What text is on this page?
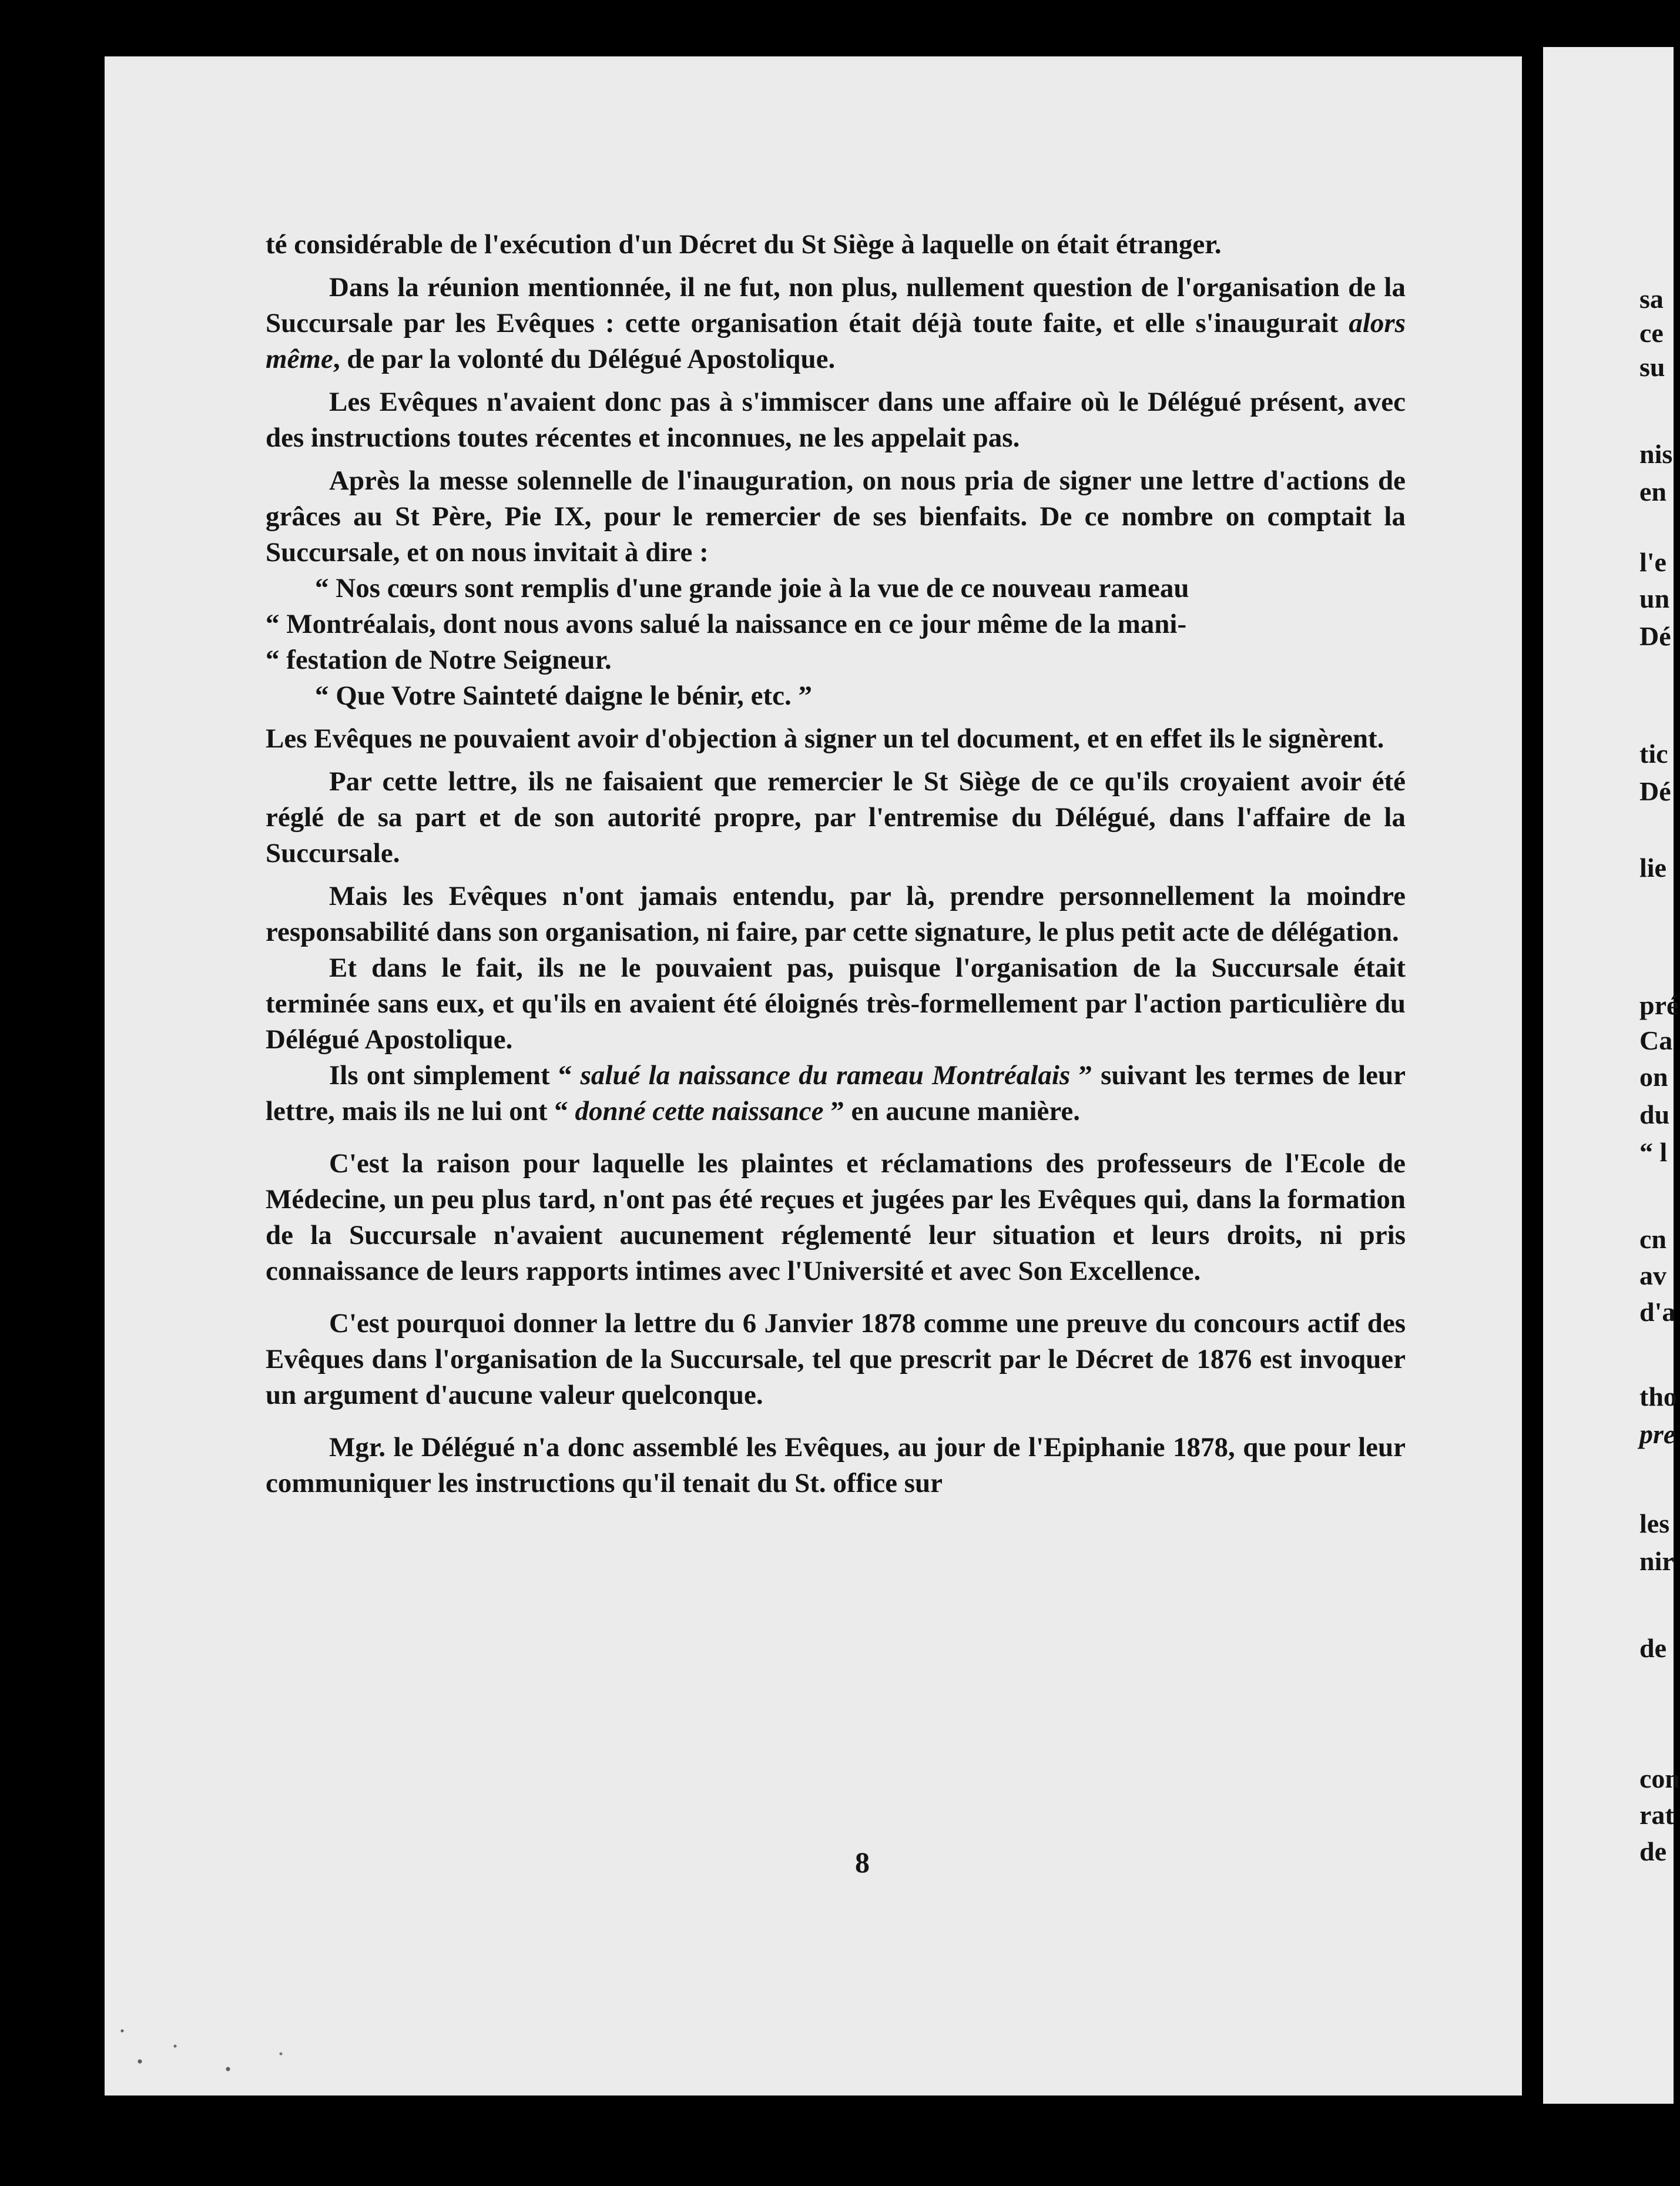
té considérable de l'exécution d'un Décret du St Siège à laquelle on était étranger.

Dans la réunion mentionnée, il ne fut, non plus, nullement question de l'organisation de la Succursale par les Evêques : cette organisation était déjà toute faite, et elle s'inaugurait alors même, de par la volonté du Délégué Apostolique.

Les Evêques n'avaient donc pas à s'immiscer dans une affaire où le Délégué présent, avec des instructions toutes récentes et inconnues, ne les appelait pas.

Après la messe solennelle de l'inauguration, on nous pria de signer une lettre d'actions de grâces au St Père, Pie IX, pour le remercier de ses bienfaits. De ce nombre on comptait la Succursale, et on nous invitait à dire :

“ Nos cœurs sont remplis d'une grande joie à la vue de ce nouveau rameau

“ Montréalais, dont nous avons salué la naissance en ce jour même de la mani-

“ festation de Notre Seigneur.

“ Que Votre Sainteté daigne le bénir, etc. ”

Les Evêques ne pouvaient avoir d'objection à signer un tel document, et en effet ils le signèrent.

Par cette lettre, ils ne faisaient que remercier le St Siège de ce qu'ils croyaient avoir été réglé de sa part et de son autorité propre, par l'entremise du Délégué, dans l'affaire de la Succursale.

Mais les Evêques n'ont jamais entendu, par là, prendre personnellement la moindre responsabilité dans son organisation, ni faire, par cette signature, le plus petit acte de délégation.

Et dans le fait, ils ne le pouvaient pas, puisque l'organisation de la Succursale était terminée sans eux, et qu'ils en avaient été éloignés très-formellement par l'action particulière du Délégué Apostolique.

Ils ont simplement “ salué la naissance du rameau Montréalais ” suivant les termes de leur lettre, mais ils ne lui ont “ donné cette naissance ” en aucune manière.

C'est la raison pour laquelle les plaintes et réclamations des professeurs de l'Ecole de Médecine, un peu plus tard, n'ont pas été reçues et jugées par les Evêques qui, dans la formation de la Succursale n'avaient aucunement réglementé leur situation et leurs droits, ni pris connaissance de leurs rapports intimes avec l'Université et avec Son Excellence.

C'est pourquoi donner la lettre du 6 Janvier 1878 comme une preuve du concours actif des Evêques dans l'organisation de la Succursale, tel que prescrit par le Décret de 1876 est invoquer un argument d'aucune valeur quelconque.

Mgr. le Délégué n'a donc assemblé les Evêques, au jour de l'Epiphanie 1878, que pour leur communiquer les instructions qu'il tenait du St. office sur

8
sa
ce
su
nis
en
l'e
un
Dé
tic
Dé
lie
pré
Ca
on
du
“ l
cn
av
d'a
tho
pre
les
nir
de
con
rat
de
